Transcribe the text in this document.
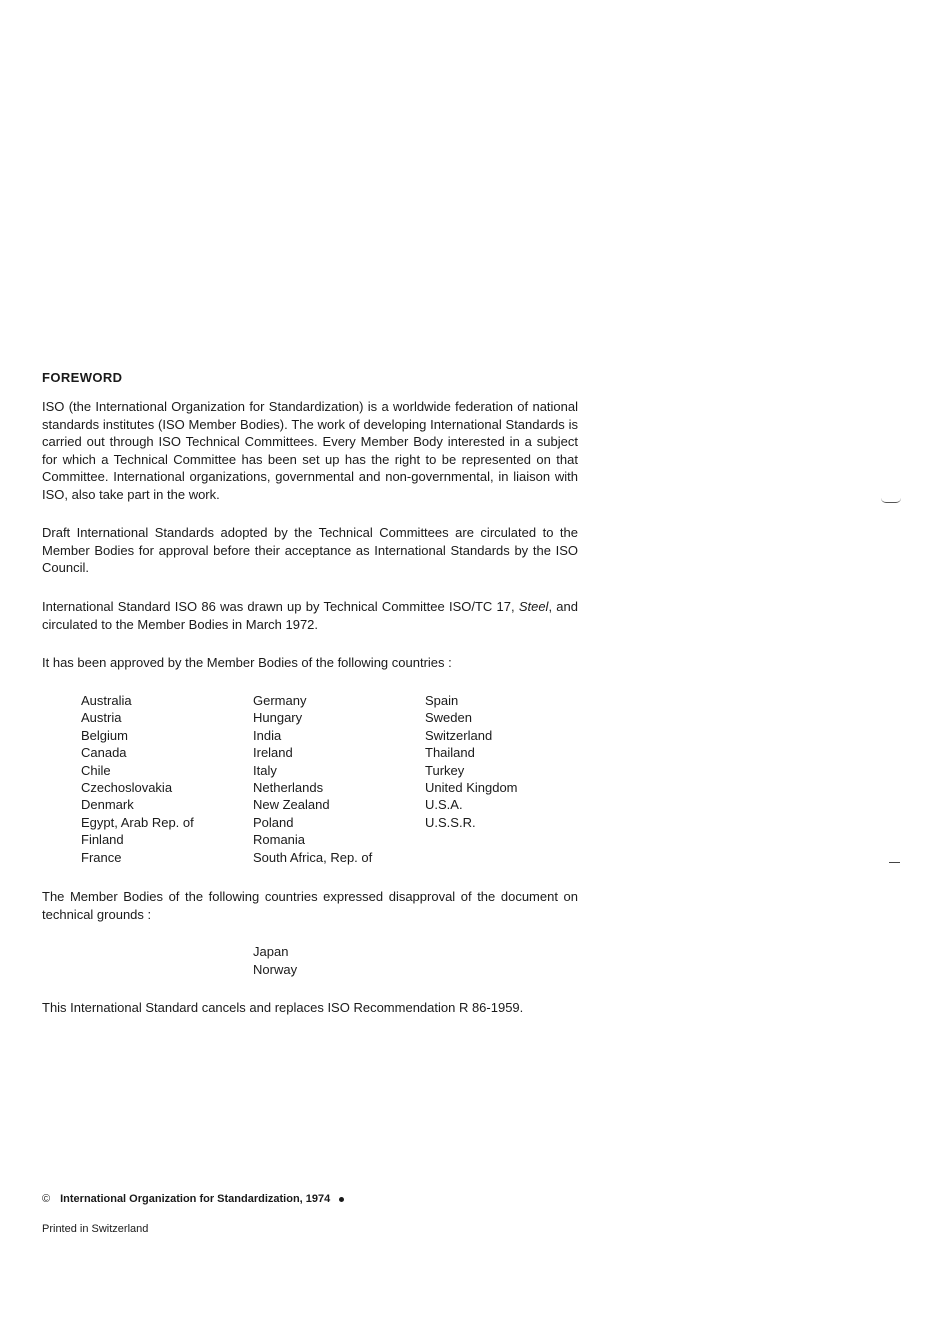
FOREWORD

ISO (the International Organization for Standardization) is a worldwide federation of national standards institutes (ISO Member Bodies). The work of developing International Standards is carried out through ISO Technical Committees. Every Member Body interested in a subject for which a Technical Committee has been set up has the right to be represented on that Committee. International organizations, governmental and non-governmental, in liaison with ISO, also take part in the work.

Draft International Standards adopted by the Technical Committees are circulated to the Member Bodies for approval before their acceptance as International Standards by the ISO Council.

International Standard ISO 86 was drawn up by Technical Committee ISO/TC 17, Steel, and circulated to the Member Bodies in March 1972.

It has been approved by the Member Bodies of the following countries :

Australia
Austria
Belgium
Canada
Chile
Czechoslovakia
Denmark
Egypt, Arab Rep. of
Finland
France
Germany
Hungary
India
Ireland
Italy
Netherlands
New Zealand
Poland
Romania
South Africa, Rep. of
Spain
Sweden
Switzerland
Thailand
Turkey
United Kingdom
U.S.A.
U.S.S.R.

The Member Bodies of the following countries expressed disapproval of the document on technical grounds :

Japan
Norway

This International Standard cancels and replaces ISO Recommendation R 86-1959.

© International Organization for Standardization, 1974
Printed in Switzerland
